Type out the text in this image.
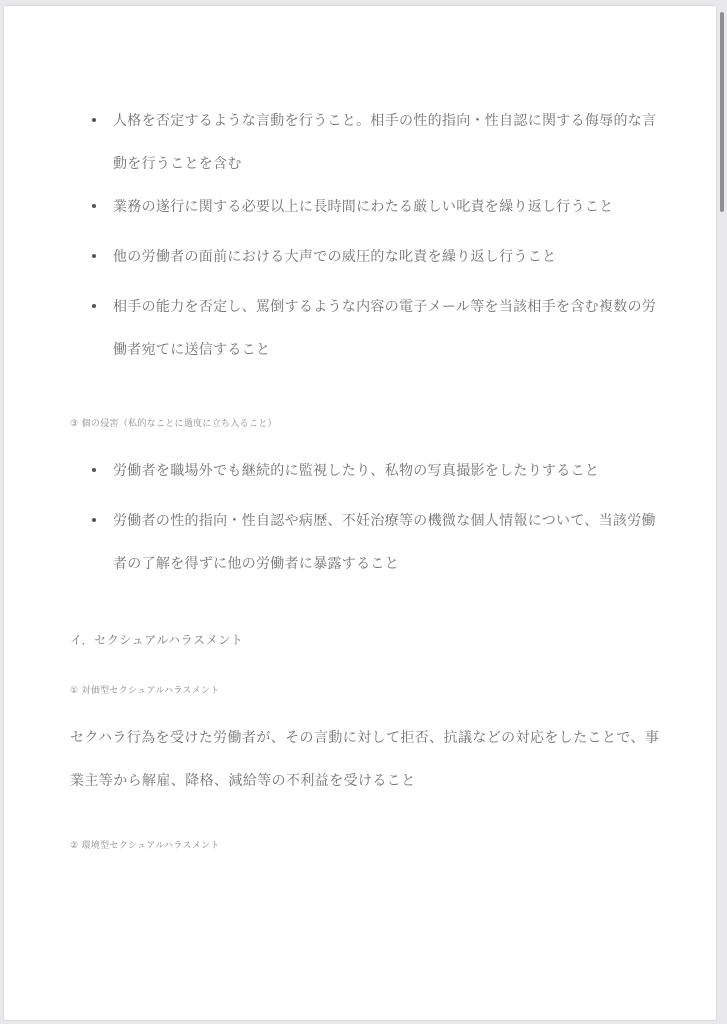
人格を否定するような言動を行うこと。相手の性的指向・性自認に関する侮辱的な言動を行うことを含む
業務の遂行に関する必要以上に長時間にわたる厳しい叱責を繰り返し行うこと
他の労働者の面前における大声での威圧的な叱責を繰り返し行うこと
相手の能力を否定し、罵倒するような内容の電子メール等を当該相手を含む複数の労働者宛てに送信すること
③ 個の侵害（私的なことに過度に立ち入ること）
労働者を職場外でも継続的に監視したり、私物の写真撮影をしたりすること
労働者の性的指向・性自認や病歴、不妊治療等の機微な個人情報について、当該労働者の了解を得ずに他の労働者に暴露すること
イ．セクシュアルハラスメント
① 対価型セクシュアルハラスメント

セクハラ行為を受けた労働者が、その言動に対して拒否、抗議などの対応をしたことで、事業主等から解雇、降格、減給等の不利益を受けること

② 環境型セクシュアルハラスメント
